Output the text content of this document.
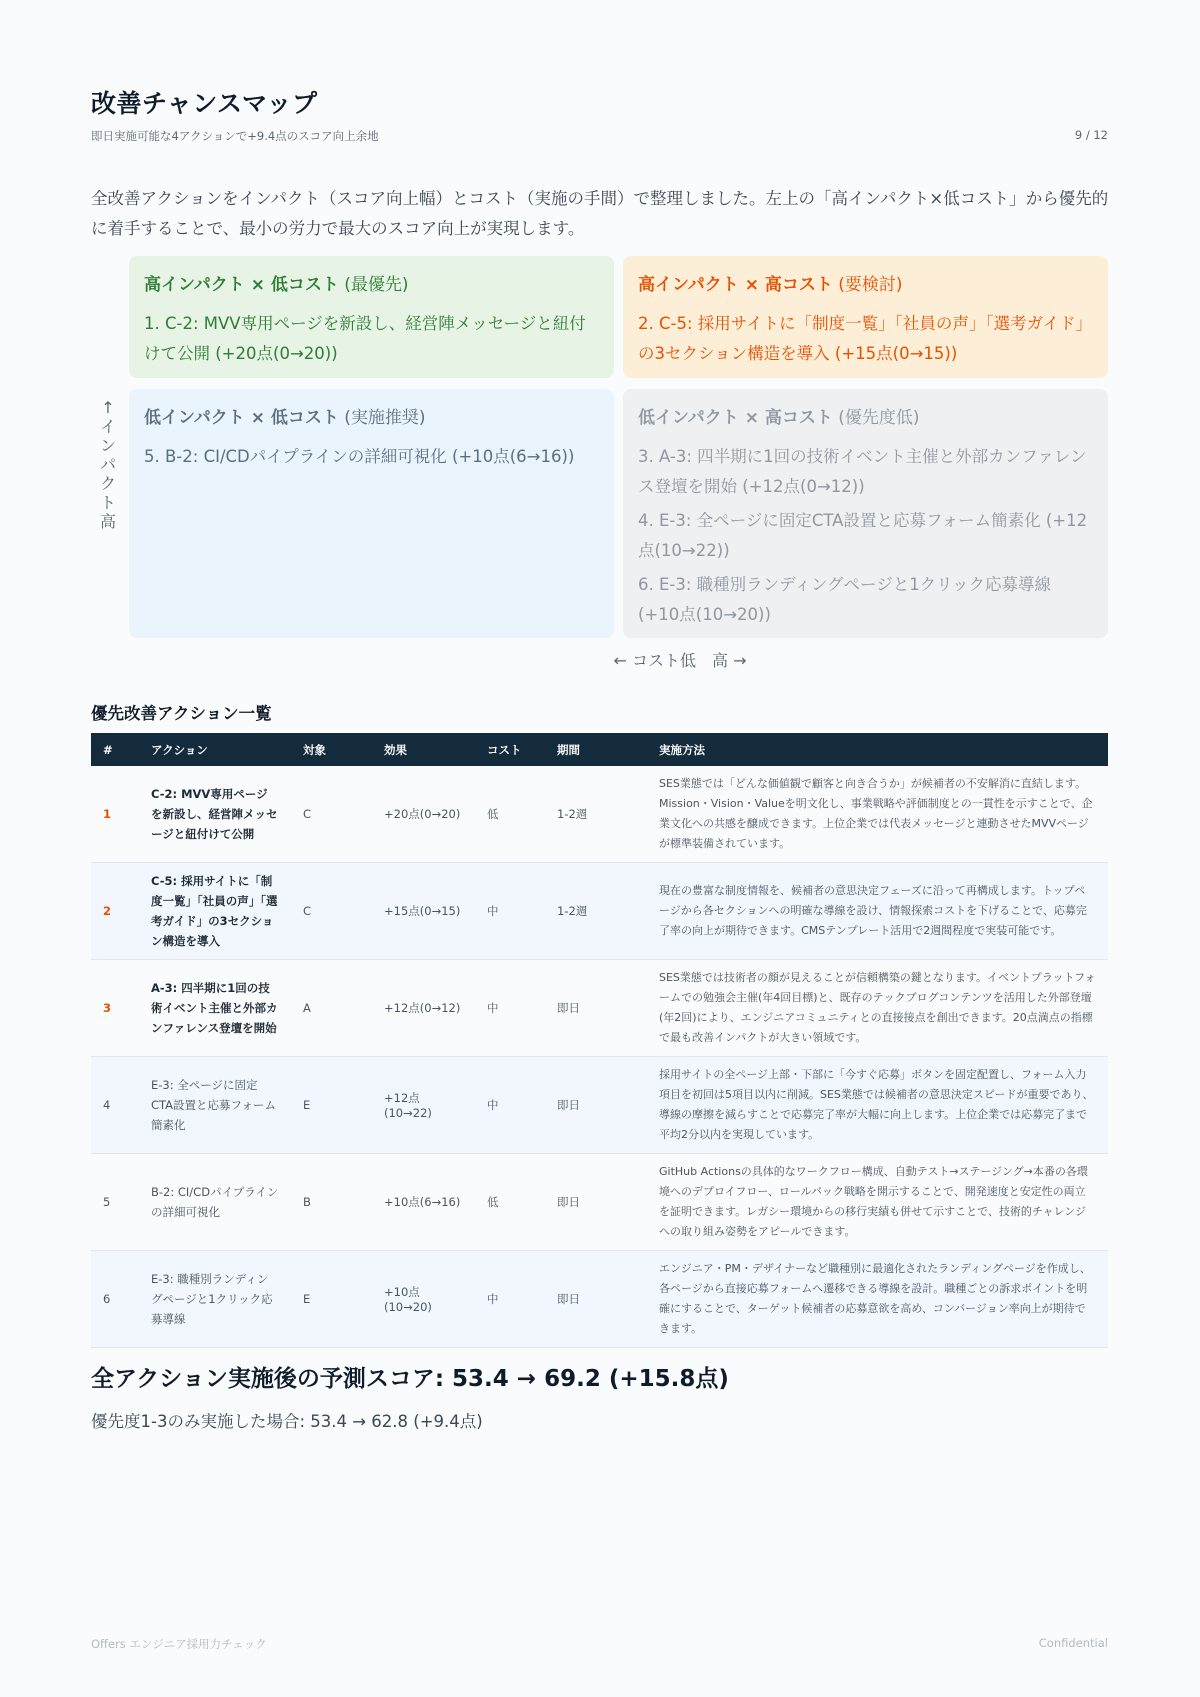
改善チャンスマップ
即日実施可能な4アクションで+9.4点のスコア向上余地	9 / 12
全改善アクションをインパクト（スコア向上幅）とコスト（実施の手間）で整理しました。左上の「高インパクト×低コスト」から優先的に着手することで、最小の労力で最大のスコア向上が実現します。
↑
イ
ン
パ
ク
ト
高
高インパクト × 低コスト (最優先)
1. C-2: MVV専用ページを新設し、経営陣メッセージと紐付けて公開 (+20点(0→20))
高インパクト × 高コスト (要検討)
2. C-5: 採用サイトに「制度一覧」「社員の声」「選考ガイド」の3セクション構造を導入 (+15点(0→15))
低インパクト × 低コスト (実施推奨)
5. B-2: CI/CDパイプラインの詳細可視化 (+10点(6→16))
低インパクト × 高コスト (優先度低)
3. A-3: 四半期に1回の技術イベント主催と外部カンファレンス登壇を開始 (+12点(0→12))
4. E-3: 全ページに固定CTA設置と応募フォーム簡素化 (+12点(10→22))
6. E-3: 職種別ランディングページと1クリック応募導線 (+10点(10→20))
← コスト低　高 →
優先改善アクション一覧
#	アクション	対象	効果	コスト	期間	実施方法
1	C-2: MVV専用ページを新設し、経営陣メッセージと紐付けて公開	C	+20点(0→20)	低	1-2週	SES業態では「どんな価値観で顧客と向き合うか」が候補者の不安解消に直結します。Mission・Vision・Valueを明文化し、事業戦略や評価制度との一貫性を示すことで、企業文化への共感を醸成できます。上位企業では代表メッセージと連動させたMVVページが標準装備されています。
2	C-5: 採用サイトに「制度一覧」「社員の声」「選考ガイド」の3セクション構造を導入	C	+15点(0→15)	中	1-2週	現在の豊富な制度情報を、候補者の意思決定フェーズに沿って再構成します。トップページから各セクションへの明確な導線を設け、情報探索コストを下げることで、応募完了率の向上が期待できます。CMSテンプレート活用で2週間程度で実装可能です。
3	A-3: 四半期に1回の技術イベント主催と外部カンファレンス登壇を開始	A	+12点(0→12)	中	即日	SES業態では技術者の顔が見えることが信頼構築の鍵となります。イベントプラットフォームでの勉強会主催(年4回目標)と、既存のテックブログコンテンツを活用した外部登壇(年2回)により、エンジニアコミュニティとの直接接点を創出できます。20点満点の指標で最も改善インパクトが大きい領域です。
4	E-3: 全ページに固定CTA設置と応募フォーム簡素化	E	+12点(10→22)	中	即日	採用サイトの全ページ上部・下部に「今すぐ応募」ボタンを固定配置し、フォーム入力項目を初回は5項目以内に削減。SES業態では候補者の意思決定スピードが重要であり、導線の摩擦を減らすことで応募完了率が大幅に向上します。上位企業では応募完了まで平均2分以内を実現しています。
5	B-2: CI/CDパイプラインの詳細可視化	B	+10点(6→16)	低	即日	GitHub Actionsの具体的なワークフロー構成、自動テスト→ステージング→本番の各環境へのデプロイフロー、ロールバック戦略を開示することで、開発速度と安定性の両立を証明できます。レガシー環境からの移行実績も併せて示すことで、技術的チャレンジへの取り組み姿勢をアピールできます。
6	E-3: 職種別ランディングページと1クリック応募導線	E	+10点(10→20)	中	即日	エンジニア・PM・デザイナーなど職種別に最適化されたランディングページを作成し、各ページから直接応募フォームへ遷移できる導線を設計。職種ごとの訴求ポイントを明確にすることで、ターゲット候補者の応募意欲を高め、コンバージョン率向上が期待できます。
全アクション実施後の予測スコア: 53.4 → 69.2 (+15.8点)
優先度1-3のみ実施した場合: 53.4 → 62.8 (+9.4点)
Offers エンジニア採用力チェック	Confidential
